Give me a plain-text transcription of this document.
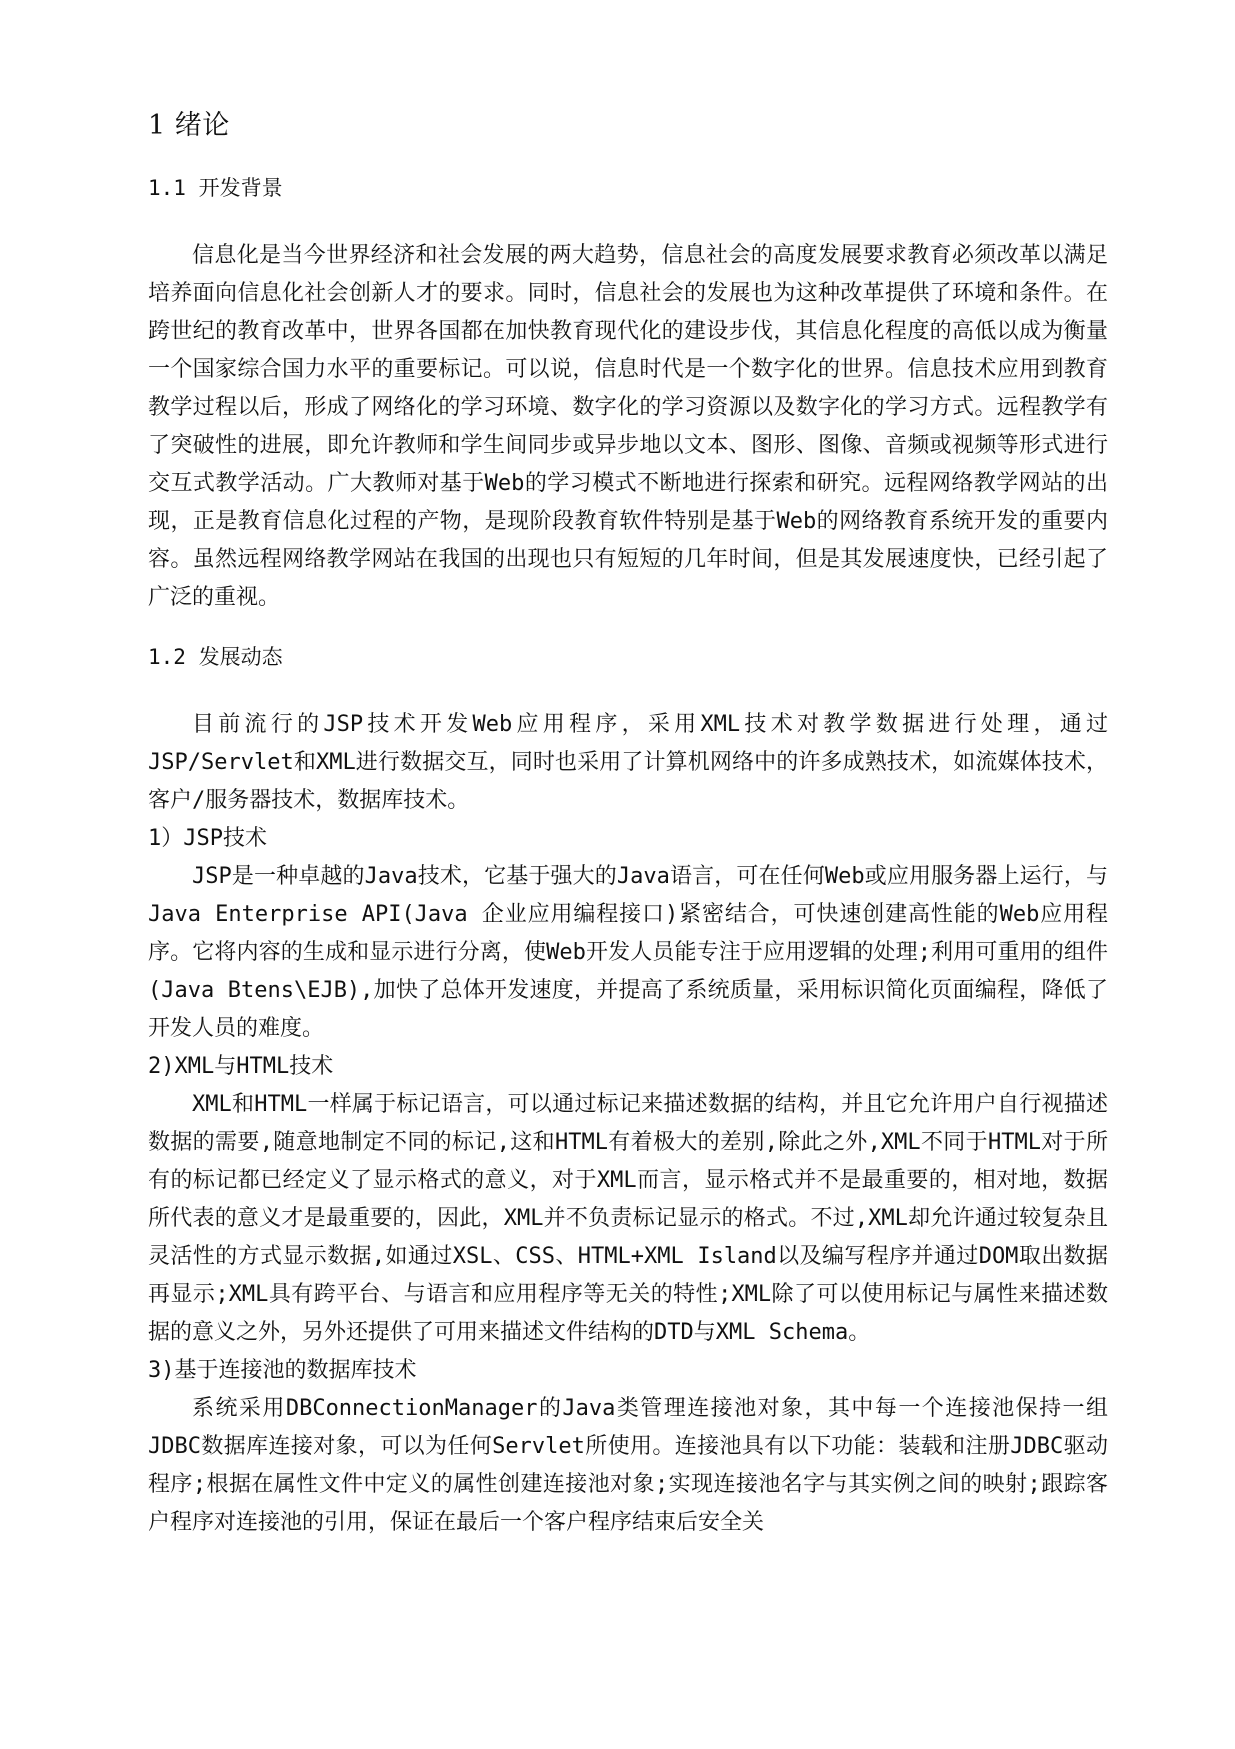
1 绪论
1.1 开发背景

信息化是当今世界经济和社会发展的两大趋势，信息社会的高度发展要求教育必须改革以满足培养面向信息化社会创新人才的要求。同时，信息社会的发展也为这种改革提供了环境和条件。在跨世纪的教育改革中，世界各国都在加快教育现代化的建设步伐，其信息化程度的高低以成为衡量一个国家综合国力水平的重要标记。可以说，信息时代是一个数字化的世界。信息技术应用到教育教学过程以后，形成了网络化的学习环境、数字化的学习资源以及数字化的学习方式。远程教学有了突破性的进展，即允许教师和学生间同步或异步地以文本、图形、图像、音频或视频等形式进行交互式教学活动。广大教师对基于Web的学习模式不断地进行探索和研究。远程网络教学网站的出现，正是教育信息化过程的产物，是现阶段教育软件特别是基于Web的网络教育系统开发的重要内容。虽然远程网络教学网站在我国的出现也只有短短的几年时间，但是其发展速度快，已经引起了广泛的重视。

1.2 发展动态

目前流行的JSP技术开发Web应用程序，采用XML技术对教学数据进行处理，通过JSP/Servlet和XML进行数据交互，同时也采用了计算机网络中的许多成熟技术，如流媒体技术，客户/服务器技术，数据库技术。

1）JSP技术

JSP是一种卓越的Java技术，它基于强大的Java语言，可在任何Web或应用服务器上运行，与Java Enterprise API(Java 企业应用编程接口)紧密结合，可快速创建高性能的Web应用程序。它将内容的生成和显示进行分离，使Web开发人员能专注于应用逻辑的处理;利用可重用的组件(Java Btens\EJB),加快了总体开发速度，并提高了系统质量，采用标识简化页面编程，降低了开发人员的难度。

2)XML与HTML技术

XML和HTML一样属于标记语言，可以通过标记来描述数据的结构，并且它允许用户自行视描述数据的需要,随意地制定不同的标记,这和HTML有着极大的差别,除此之外,XML不同于HTML对于所有的标记都已经定义了显示格式的意义，对于XML而言，显示格式并不是最重要的，相对地，数据所代表的意义才是最重要的，因此，XML并不负责标记显示的格式。不过,XML却允许通过较复杂且灵活性的方式显示数据,如通过XSL、CSS、HTML+XML Island以及编写程序并通过DOM取出数据再显示;XML具有跨平台、与语言和应用程序等无关的特性;XML除了可以使用标记与属性来描述数据的意义之外，另外还提供了可用来描述文件结构的DTD与XML Schema。

3)基于连接池的数据库技术

系统采用DBConnectionManager的Java类管理连接池对象，其中每一个连接池保持一组JDBC数据库连接对象，可以为任何Servlet所使用。连接池具有以下功能：装载和注册JDBC驱动程序;根据在属性文件中定义的属性创建连接池对象;实现连接池名字与其实例之间的映射;跟踪客户程序对连接池的引用，保证在最后一个客户程序结束后安全关
